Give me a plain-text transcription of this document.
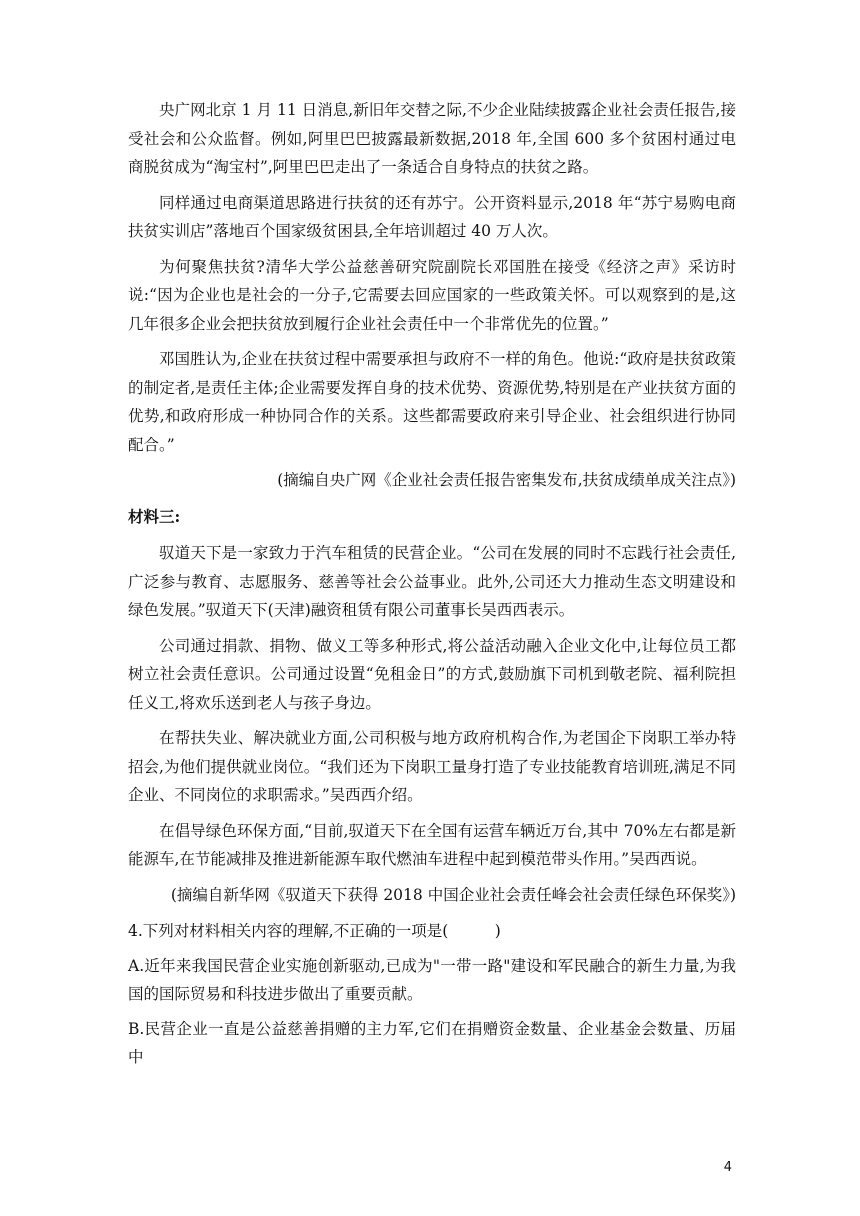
央广网北京 1 月 11 日消息,新旧年交替之际,不少企业陆续披露企业社会责任报告,接受社会和公众监督。例如,阿里巴巴披露最新数据,2018 年,全国 600 多个贫困村通过电商脱贫成为“淘宝村”,阿里巴巴走出了一条适合自身特点的扶贫之路。

同样通过电商渠道思路进行扶贫的还有苏宁。公开资料显示,2018 年“苏宁易购电商扶贫实训店”落地百个国家级贫困县,全年培训超过 40 万人次。

为何聚焦扶贫?清华大学公益慈善研究院副院长邓国胜在接受《经济之声》采访时说:“因为企业也是社会的一分子,它需要去回应国家的一些政策关怀。可以观察到的是,这几年很多企业会把扶贫放到履行企业社会责任中一个非常优先的位置。”

邓国胜认为,企业在扶贫过程中需要承担与政府不一样的角色。他说:“政府是扶贫政策的制定者,是责任主体;企业需要发挥自身的技术优势、资源优势,特别是在产业扶贫方面的优势,和政府形成一种协同合作的关系。这些都需要政府来引导企业、社会组织进行协同配合。”

(摘编自央广网《企业社会责任报告密集发布,扶贫成绩单成关注点》)

材料三:

驭道天下是一家致力于汽车租赁的民营企业。“公司在发展的同时不忘践行社会责任,广泛参与教育、志愿服务、慈善等社会公益事业。此外,公司还大力推动生态文明建设和绿色发展。”驭道天下(天津)融资租赁有限公司董事长吴西西表示。

公司通过捐款、捐物、做义工等多种形式,将公益活动融入企业文化中,让每位员工都树立社会责任意识。公司通过设置“免租金日”的方式,鼓励旗下司机到敬老院、福利院担任义工,将欢乐送到老人与孩子身边。

在帮扶失业、解决就业方面,公司积极与地方政府机构合作,为老国企下岗职工举办特招会,为他们提供就业岗位。“我们还为下岗职工量身打造了专业技能教育培训班,满足不同企业、不同岗位的求职需求。”吴西西介绍。

在倡导绿色环保方面,“目前,驭道天下在全国有运营车辆近万台,其中 70%左右都是新能源车,在节能减排及推进新能源车取代燃油车进程中起到模范带头作用。”吴西西说。

(摘编自新华网《驭道天下获得 2018 中国企业社会责任峰会社会责任绿色环保奖》)

4.下列对材料相关内容的理解,不正确的一项是(　　　)

A.近年来我国民营企业实施创新驱动,已成为"一带一路"建设和军民融合的新生力量,为我国的国际贸易和科技进步做出了重要贡献。

B.民营企业一直是公益慈善捐赠的主力军,它们在捐赠资金数量、企业基金会数量、历届中

4
